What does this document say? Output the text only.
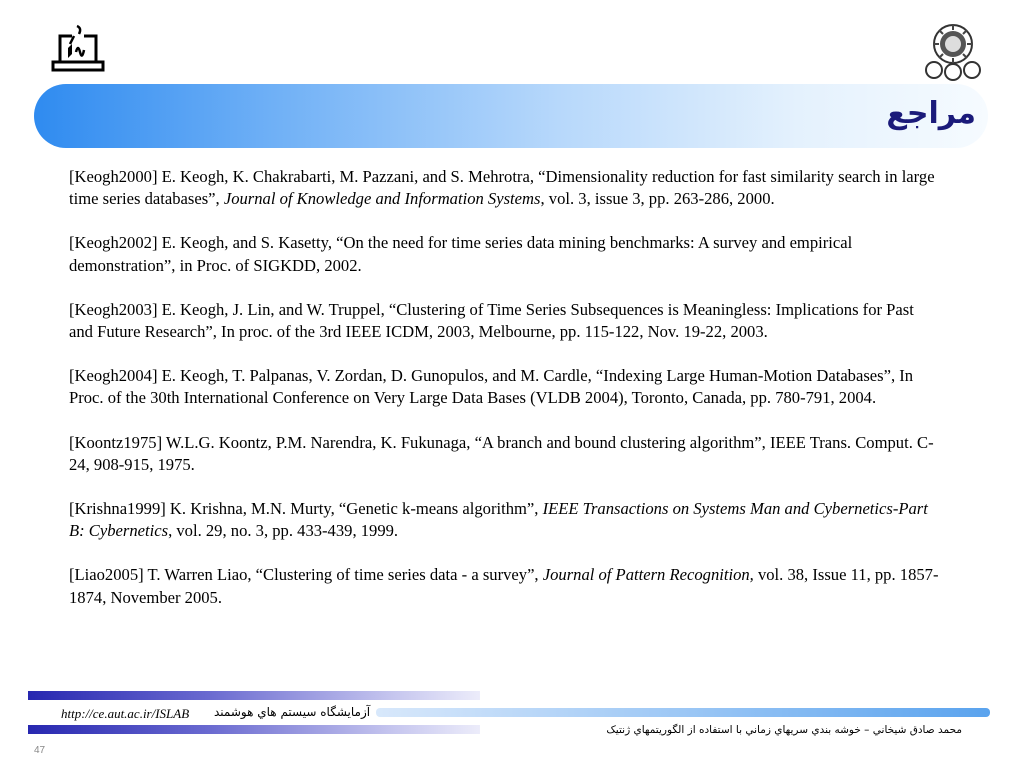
مراجع

[Keogh2000] E. Keogh, K. Chakrabarti, M. Pazzani, and S. Mehrotra, “Dimensionality reduction for fast similarity search in large time series databases”, Journal of Knowledge and Information Systems, vol. 3, issue 3, pp. 263-286, 2000.

[Keogh2002] E. Keogh, and S. Kasetty, “On the need for time series data mining benchmarks: A survey and empirical demonstration”, in Proc. of SIGKDD, 2002.

[Keogh2003] E. Keogh, J. Lin, and W. Truppel, “Clustering of Time Series Subsequences is Meaningless: Implications for Past and Future Research”, In proc. of the 3rd IEEE ICDM, 2003, Melbourne, pp. 115-122, Nov. 19-22, 2003.

[Keogh2004] E. Keogh, T. Palpanas, V. Zordan, D. Gunopulos, and M. Cardle, “Indexing Large Human-Motion Databases”, In Proc. of the 30th International Conference on Very Large Data Bases (VLDB 2004), Toronto, Canada, pp. 780-791, 2004.

[Koontz1975] W.L.G. Koontz, P.M. Narendra, K. Fukunaga, “A branch and bound clustering algorithm”, IEEE Trans. Comput. C-24, 908-915, 1975.

[Krishna1999] K. Krishna, M.N. Murty, “Genetic k-means algorithm”, IEEE Transactions on Systems Man and Cybernetics-Part B: Cybernetics, vol. 29, no. 3, pp. 433-439, 1999.

[Liao2005] T. Warren Liao, “Clustering of time series data - a survey”, Journal of Pattern Recognition, vol. 38, Issue 11, pp. 1857-1874, November 2005.

http://ce.aut.ac.ir/ISLAB آزمايشگاه سيستم هاي هوشمند
محمد صادق شيخاني – خوشه بندي سريهاي زماني با استفاده از الگوريتمهاي ژنتيک
47
